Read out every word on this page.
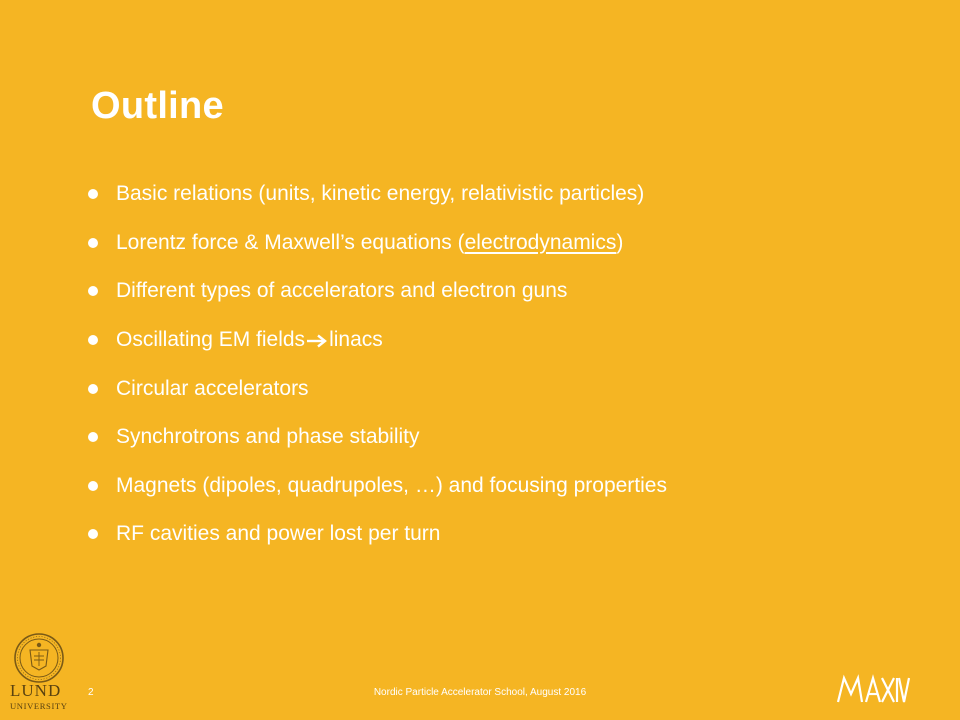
Outline
Basic relations (units, kinetic energy, relativistic particles)
Lorentz force & Maxwell’s equations (electrodynamics)
Different types of accelerators and electron guns
Oscillating EM fields linacs
Circular accelerators
Synchrotrons and phase stability
Magnets (dipoles, quadrupoles, …) and focusing properties
RF cavities and power lost per turn
LUND
UNIVERSITY
2	Nordic Particle Accelerator School, August 2016
